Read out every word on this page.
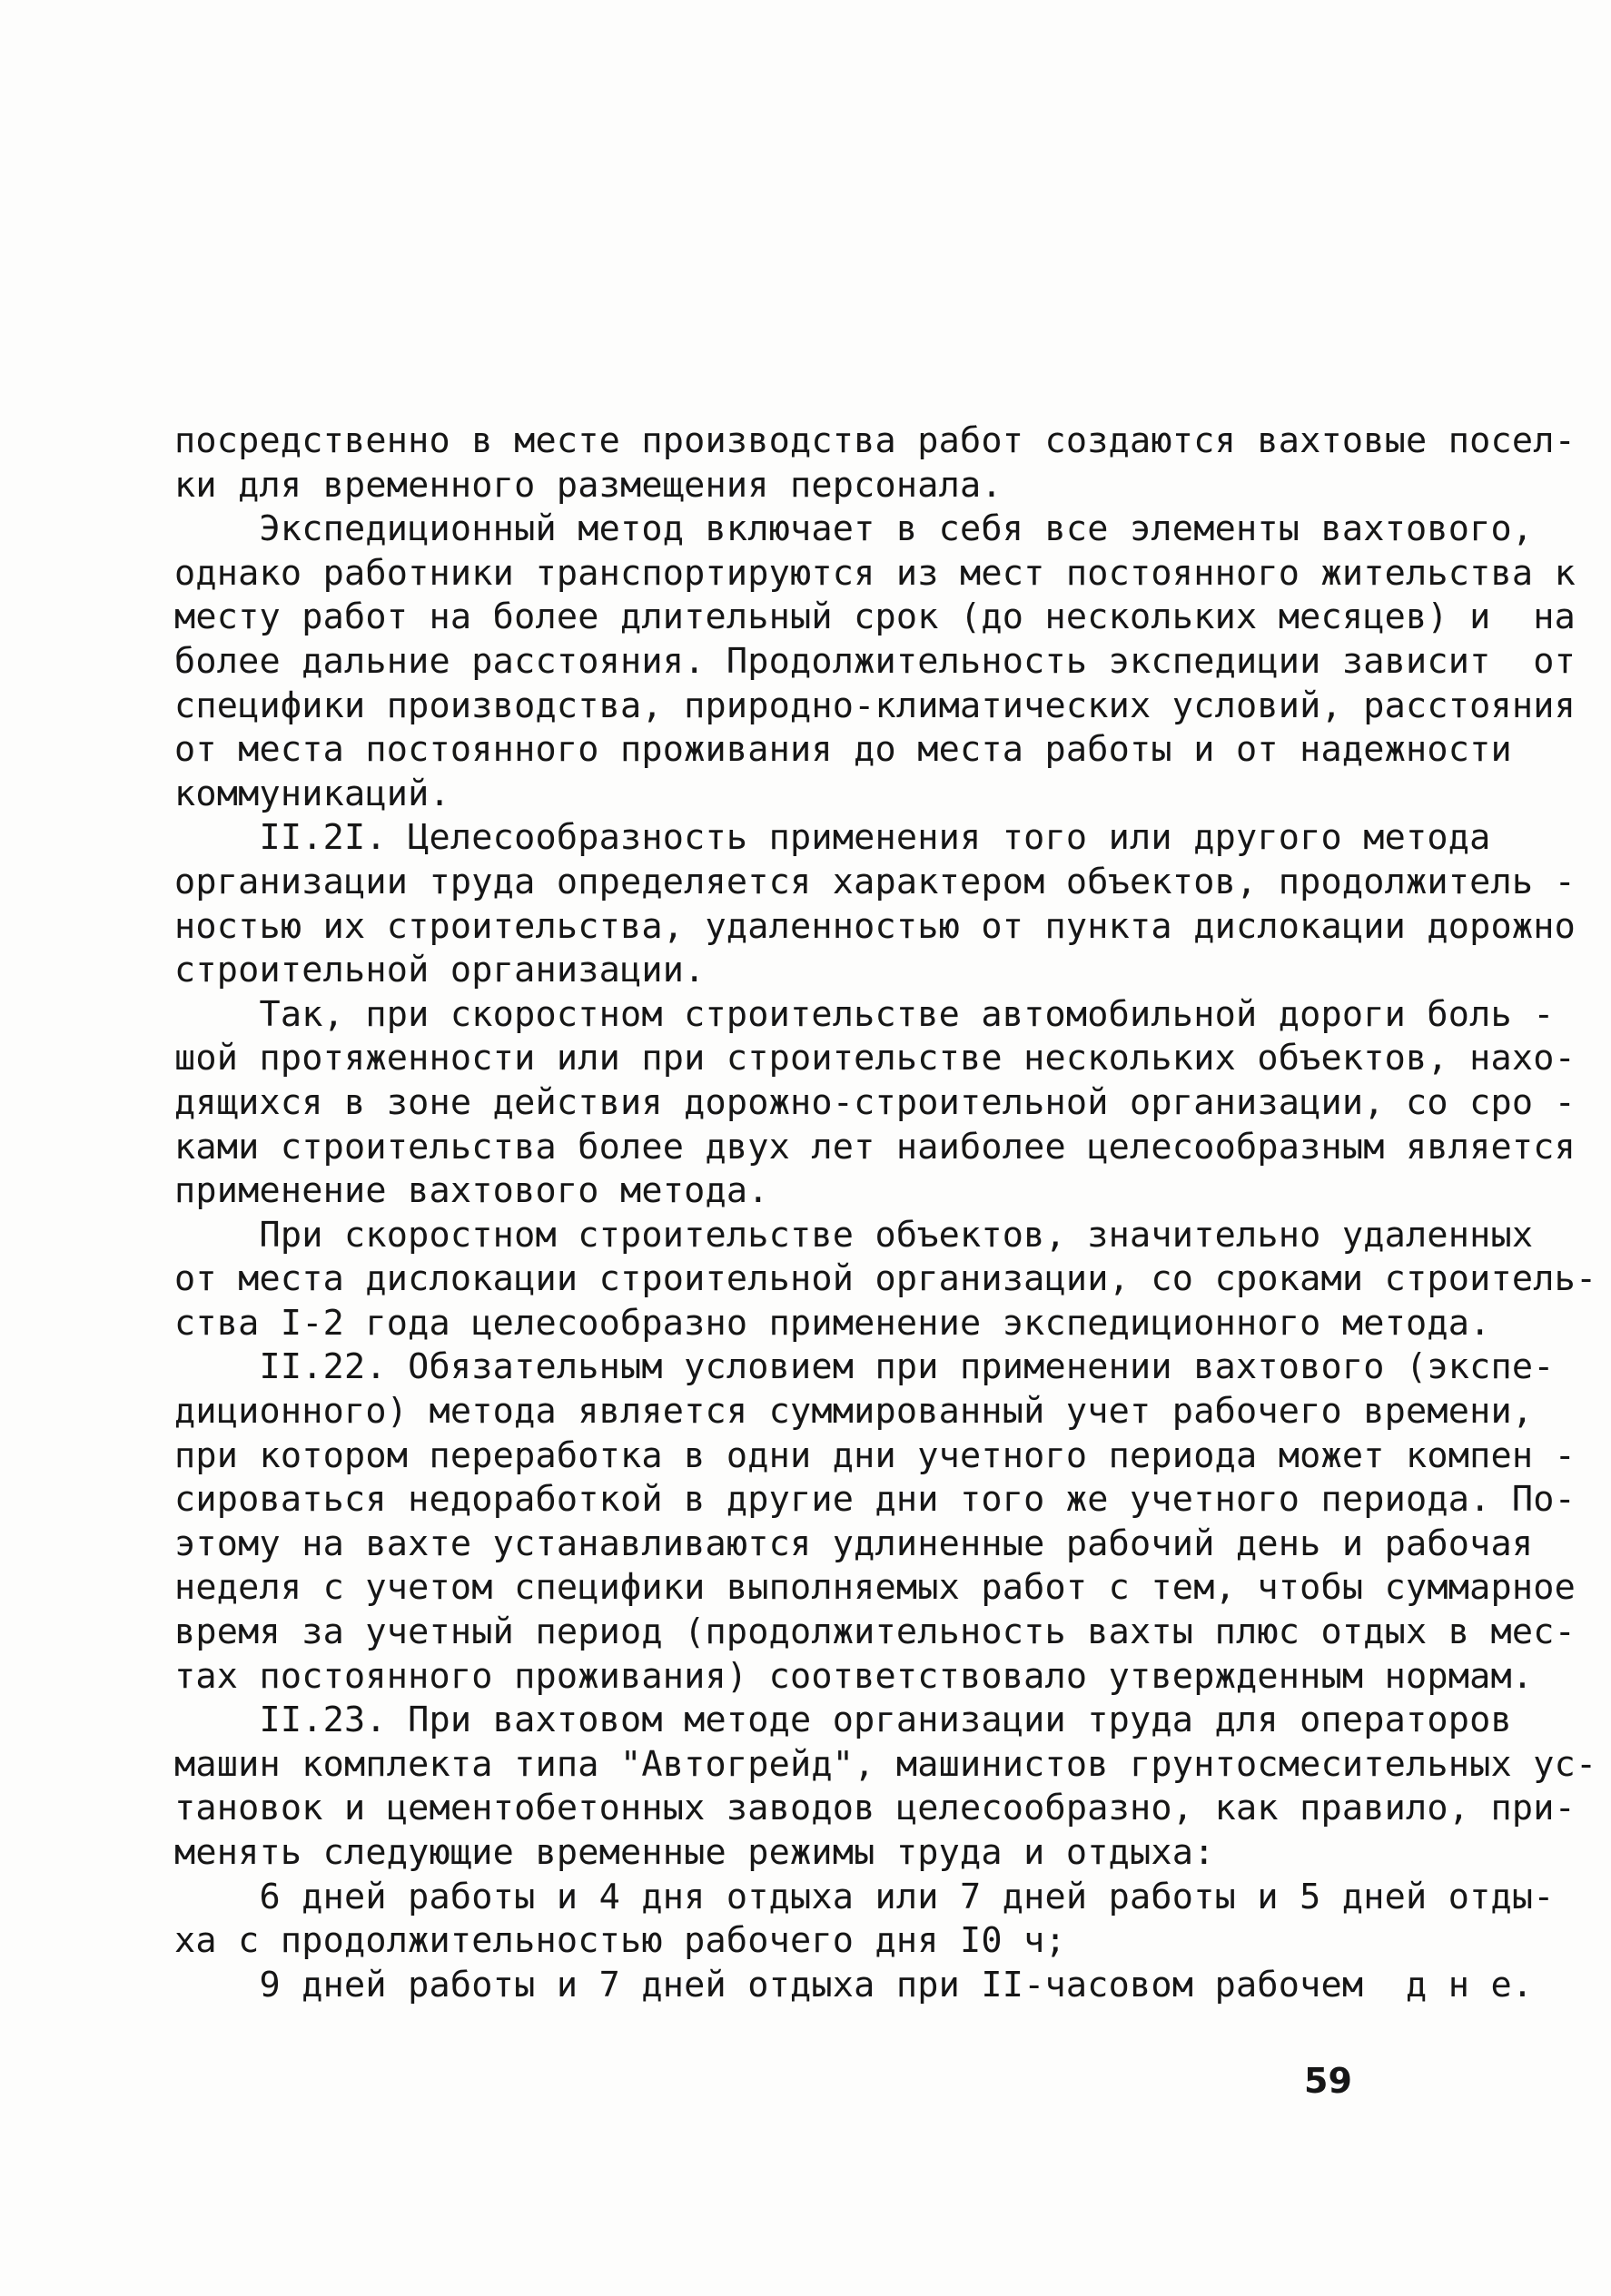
посредственно в месте производства работ создаются вахтовые посел-
ки для временного размещения персонала.
Экспедиционный метод включает в себя все элементы вахтового,
однако работники транспортируются из мест постоянного жительства к
месту работ на более длительный срок (до нескольких месяцев) и  на
более дальние расстояния. Продолжительность экспедиции зависит  от
специфики производства, природно-климатических условий, расстояния
от места постоянного проживания до места работы и от надежности
коммуникаций.
II.2I. Целесообразность применения того или другого метода
организации труда определяется характером объектов, продолжитель -
ностью их строительства, удаленностью от пункта дислокации дорожно
строительной организации.
Так, при скоростном строительстве автомобильной дороги боль -
шой протяженности или при строительстве нескольких объектов, нахо-
дящихся в зоне действия дорожно-строительной организации, со сро -
ками строительства более двух лет наиболее целесообразным является
применение вахтового метода.
При скоростном строительстве объектов, значительно удаленных
от места дислокации строительной организации, со сроками строитель-
ства I-2 года целесообразно применение экспедиционного метода.
II.22. Обязательным условием при применении вахтового (экспе-
диционного) метода является суммированный учет рабочего времени,
при котором переработка в одни дни учетного периода может компен -
сироваться недоработкой в другие дни того же учетного периода. По-
этому на вахте устанавливаются удлиненные рабочий день и рабочая
неделя с учетом специфики выполняемых работ с тем, чтобы суммарное
время за учетный период (продолжительность вахты плюс отдых в мес-
тах постоянного проживания) соответствовало утвержденным нормам.
II.23. При вахтовом методе организации труда для операторов
машин комплекта типа "Автогрейд", машинистов грунтосмесительных ус-
тановок и цементобетонных заводов целесообразно, как правило, при-
менять следующие временные режимы труда и отдыха:
6 дней работы и 4 дня отдыха или 7 дней работы и 5 дней отды-
ха с продолжительностью рабочего дня I0 ч;
9 дней работы и 7 дней отдыха при II-часовом рабочем  д н е.
59
